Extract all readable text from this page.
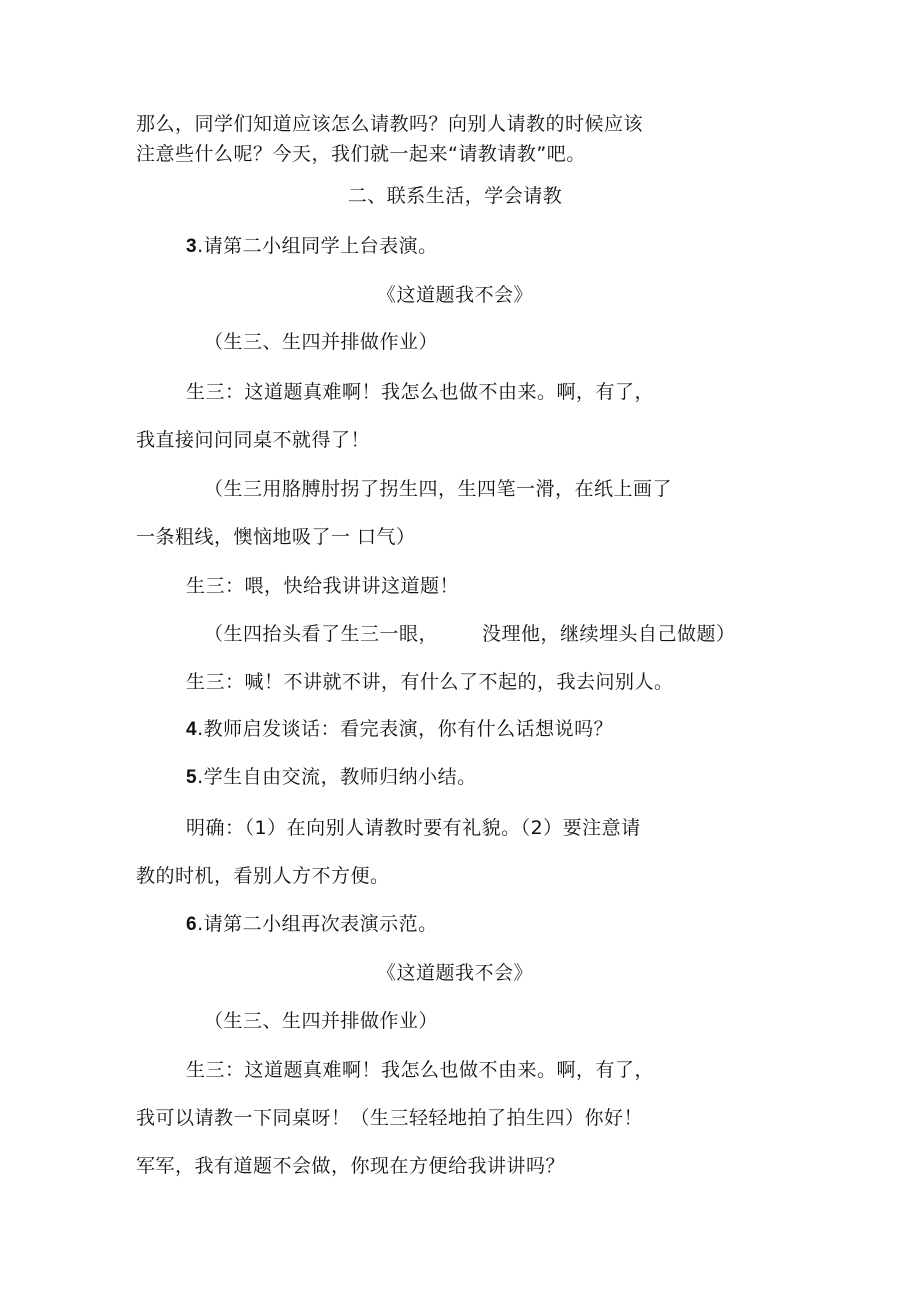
那么，同学们知道应该怎么请教吗？向别人请教的时候应该
注意些什么呢？今天，我们就一起来“请教请教”吧。
二、联系生活，学会请教
3.请第二小组同学上台表演。
《这道题我不会》
（生三、生四并排做作业）
生三：这道题真难啊！我怎么也做不由来。啊，有了，
我直接问问同桌不就得了！
（生三用胳膊肘拐了拐生四，生四笔一滑，在纸上画了
一条粗线，懊恼地吸了一 口气）
生三：喂，快给我讲讲这道题！
（生四抬头看了生三一眼， 没理他，继续埋头自己做题）
生三：喊！不讲就不讲，有什么了不起的，我去问别人。
4.教师启发谈话：看完表演，你有什么话想说吗？
5.学生自由交流，教师归纳小结。
明确：（1）在向别人请教时要有礼貌。（2）要注意请
教的时机，看别人方不方便。
6.请第二小组再次表演示范。
《这道题我不会》
（生三、生四并排做作业）
生三：这道题真难啊！我怎么也做不由来。啊，有了，
我可以请教一下同桌呀！（生三轻轻地拍了拍生四）你好！
军军，我有道题不会做，你现在方便给我讲讲吗？
